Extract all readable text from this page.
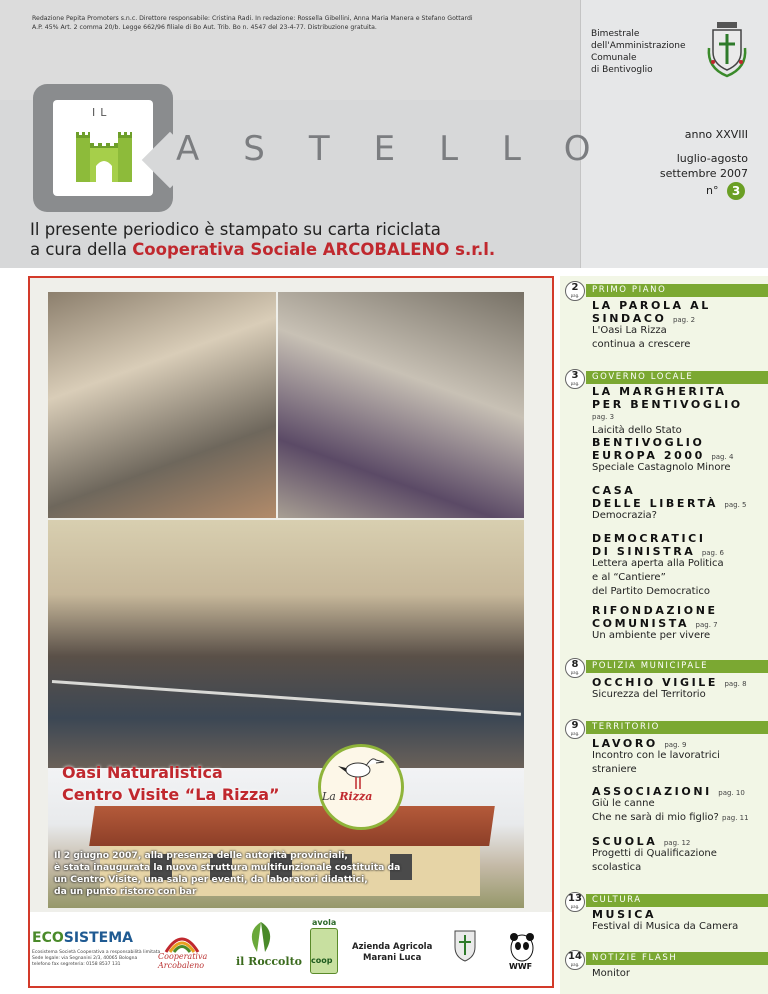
Redazione Pepita Promoters s.n.c. Direttore responsabile: Cristina Radi. In redazione: Rossella Gibellini, Anna Maria Manera e Stefano Gottardi
A.P. 45% Art. 2 comma 20/b. Legge 662/96 filiale di Bo Aut. Trib. Bo n. 4547 del 23-4-77. Distribuzione gratuita.
Bimestrale
dell'Amministrazione
Comunale
di Bentivoglio
IL
ASTELLO	anno XXVIII
luglio-agosto
settembre 2007
n°	3
Il presente periodico è stampato su carta riciclata
a cura della Cooperativa Sociale ARCOBALENO s.r.l.
Oasi Naturalistica
Centro Visite “La Rizza”	La Rizza
Il 2 giugno 2007, alla presenza delle autorità provinciali,
è stata inaugurata la nuova struttura multifunzionale costituita da
un Centro Visite, una sala per eventi, da laboratori didattici,
da un punto ristoro con bar
ECOSISTEMA
Ecosistema Società Cooperativa a responsabilità limitata
Sede legale: via Segnanini 2/3, 40065 Bologna
telefono fax segreteria: 0158 8537 131
Cooperativa
Arcobaleno	il Roccolto
avola
coop
Azienda Agricola
Marani Luca
WWF
2
pag.
PRIMO PIANO
LA PAROLA AL
SINDACO pag. 2
L'Oasi La Rizza
continua a crescere
3
pag.
GOVERNO LOCALE
LA MARGHERITA
PER BENTIVOGLIO
pag. 3
Laicità dello Stato
BENTIVOGLIO
EUROPA 2000 pag. 4
Speciale Castagnolo Minore
CASA
DELLE LIBERTÀ pag. 5
Democrazia?
DEMOCRATICI
DI SINISTRA pag. 6
Lettera aperta alla Politica
e al “Cantiere”
del Partito Democratico
RIFONDAZIONE
COMUNISTA pag. 7
Un ambiente per vivere
8
pag.
POLIZIA MUNICIPALE
OCCHIO VIGILE pag. 8
Sicurezza del Territorio
9
pag.
TERRITORIO
LAVORO pag. 9
Incontro con le lavoratrici
straniere
ASSOCIAZIONI pag. 10
Giù le canne
Che ne sarà di mio figlio? pag. 11
SCUOLA pag. 12
Progetti di Qualificazione
scolastica
13
pag.
CULTURA
MUSICA
Festival di Musica da Camera
14
pag.
NOTIZIE FLASH
Monitor
